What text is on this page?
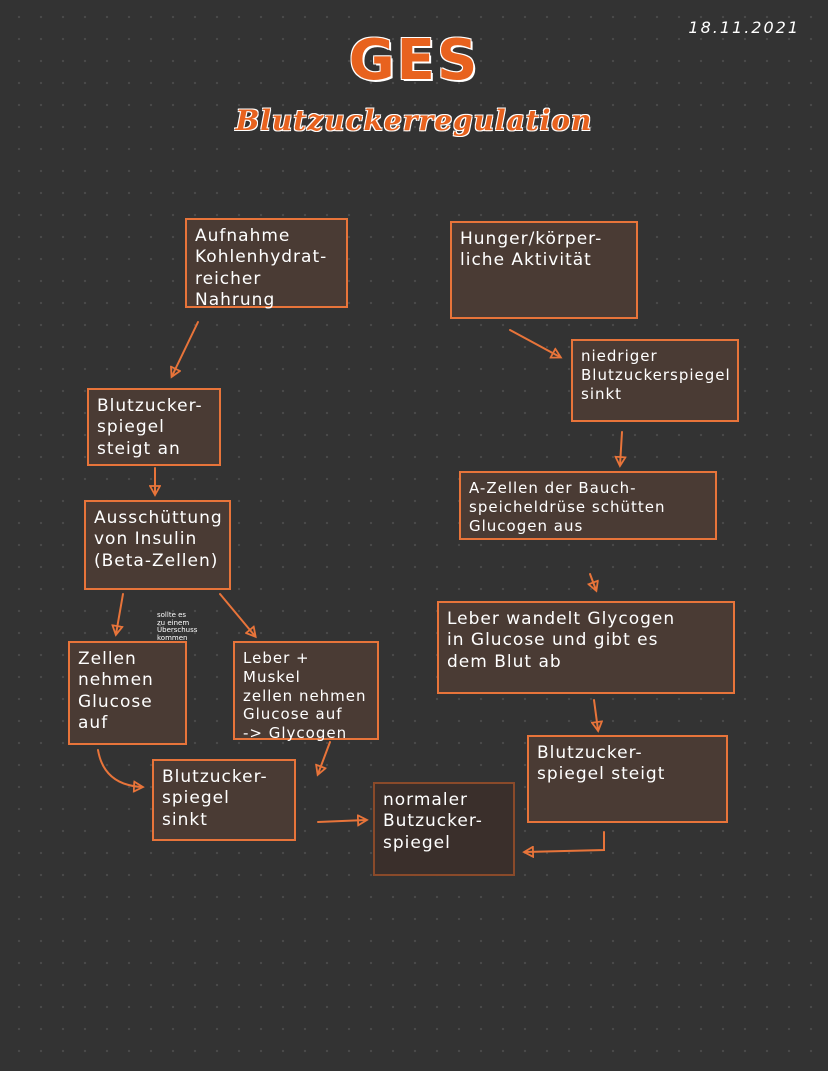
18.11.2021
GES
Blutzuckerregulation
Aufnahme
Kohlenhydrat-
reicher Nahrung
Blutzucker-
spiegel
steigt an
Ausschüttung
von Insulin
(Beta-Zellen)
Zellen
nehmen
Glucose
auf
Leber + Muskel
zellen nehmen
Glucose auf
-> Glycogen
Blutzucker-
spiegel
sinkt
sollte es
zu einem
Überschuss
kommen
normaler
Butzucker-
spiegel
Hunger/körper-
liche Aktivität
niedriger
Blutzuckerspiegel
sinkt
A-Zellen der Bauch-
speicheldrüse schütten
Glucogen aus
Leber wandelt Glycogen
in Glucose und gibt es
dem Blut ab
Blutzucker-
spiegel steigt
